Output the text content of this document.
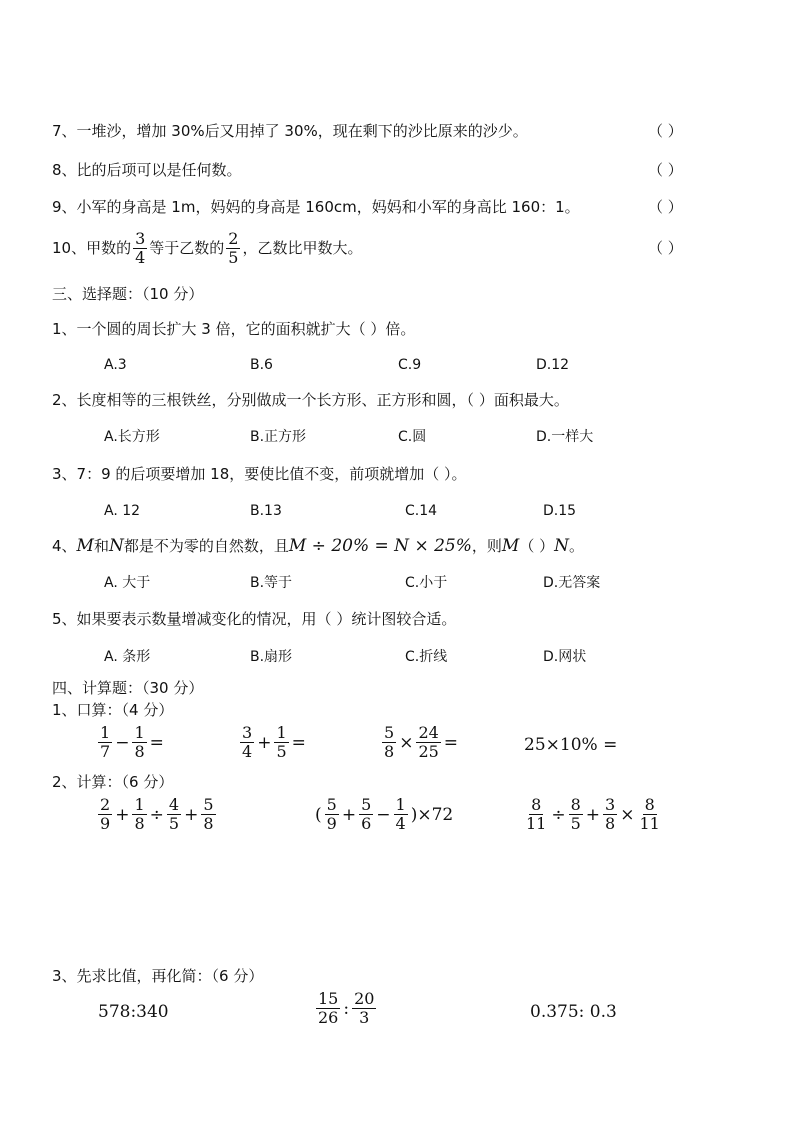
7、一堆沙，增加 30%后又用掉了 30%，现在剩下的沙比原来的沙少。	（ ）
8、比的后项可以是任何数。	（ ）
9、小军的身高是 1m，妈妈的身高是 160cm，妈妈和小军的身高比 160：1。	（ ）
10、甲数的 $\frac{3}{4}$ 等于乙数的 $\frac{2}{5}$ ，乙数比甲数大。	（ ）
三、选择题：（10 分）
1、一个圆的周长扩大 3 倍，它的面积就扩大（ ）倍。
A.3	B.6	C.9	D.12
2、长度相等的三根铁丝，分别做成一个长方形、正方形和圆，（ ）面积最大。
A.长方形	B.正方形	C.圆	D.一样大
3、7：9 的后项要增加 18，要使比值不变，前项就增加（ ）。
A. 12	B.13	C.14	D.15
4、M和N都是不为零的自然数，且M ÷ 20% = N × 25%，则M（ ）N。
A. 大于	B.等于	C.小于	D.无答案
5、如果要表示数量增减变化的情况，用（ ）统计图较合适。
A. 条形	B.扇形	C.折线	D.网状
四、计算题：（30 分）
1、口算：（4 分）
$\frac{1}{7} - \frac{1}{8}$ =	$\frac{3}{4} + \frac{1}{5}$ =	$\frac{5}{8} \times \frac{24}{25}$ =	25×10% =
2、计算：（6 分）
$\frac{2}{9} + \frac{1}{8} \div \frac{4}{5} + \frac{5}{8}$	( $\frac{5}{9} + \frac{5}{6} - \frac{1}{4} )\times 72$	$\frac{8}{11} \div \frac{8}{5} + \frac{3}{8} \times \frac{8}{11}$
3、先求比值，再化简：（6 分）
578:340	$\frac{15}{26}$ : $\frac{20}{3}$	0.375: 0.3
